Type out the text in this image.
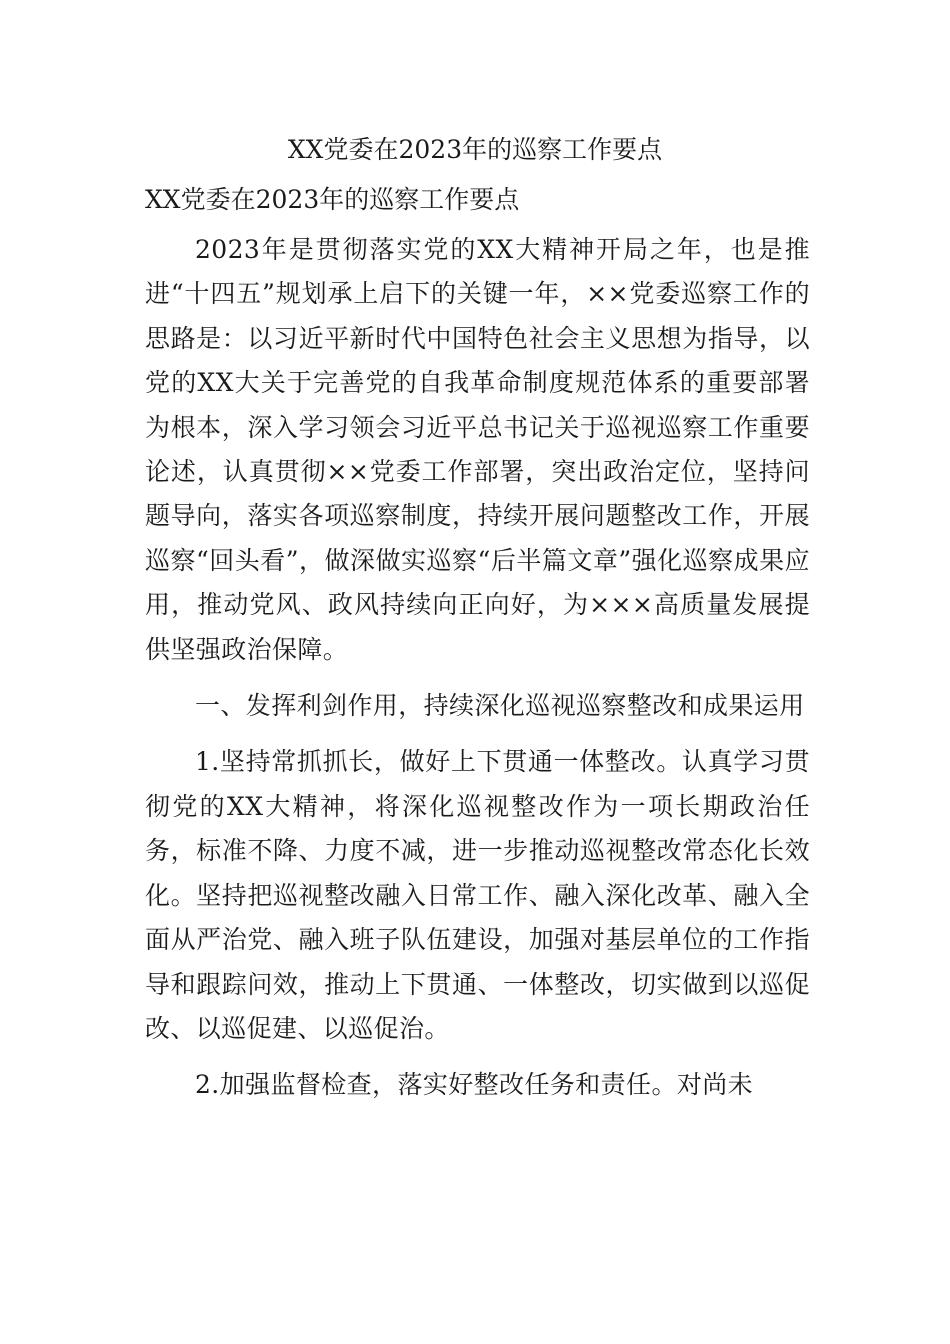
XX党委在2023年的巡察工作要点
XX党委在2023年的巡察工作要点

2023年是贯彻落实党的XX大精神开局之年，也是推进“十四五”规划承上启下的关键一年，××党委巡察工作的思路是：以习近平新时代中国特色社会主义思想为指导，以党的XX大关于完善党的自我革命制度规范体系的重要部署为根本，深入学习领会习近平总书记关于巡视巡察工作重要论述，认真贯彻××党委工作部署，突出政治定位，坚持问题导向，落实各项巡察制度，持续开展问题整改工作，开展巡察“回头看”，做深做实巡察“后半篇文章”强化巡察成果应用，推动党风、政风持续向正向好，为×××高质量发展提供坚强政治保障。

一、发挥利剑作用，持续深化巡视巡察整改和成果运用

1.坚持常抓抓长，做好上下贯通一体整改。认真学习贯彻党的XX大精神，将深化巡视整改作为一项长期政治任务，标准不降、力度不减，进一步推动巡视整改常态化长效化。坚持把巡视整改融入日常工作、融入深化改革、融入全面从严治党、融入班子队伍建设，加强对基层单位的工作指导和跟踪问效，推动上下贯通、一体整改，切实做到以巡促改、以巡促建、以巡促治。

2.加强监督检查，落实好整改任务和责任。对尚未
